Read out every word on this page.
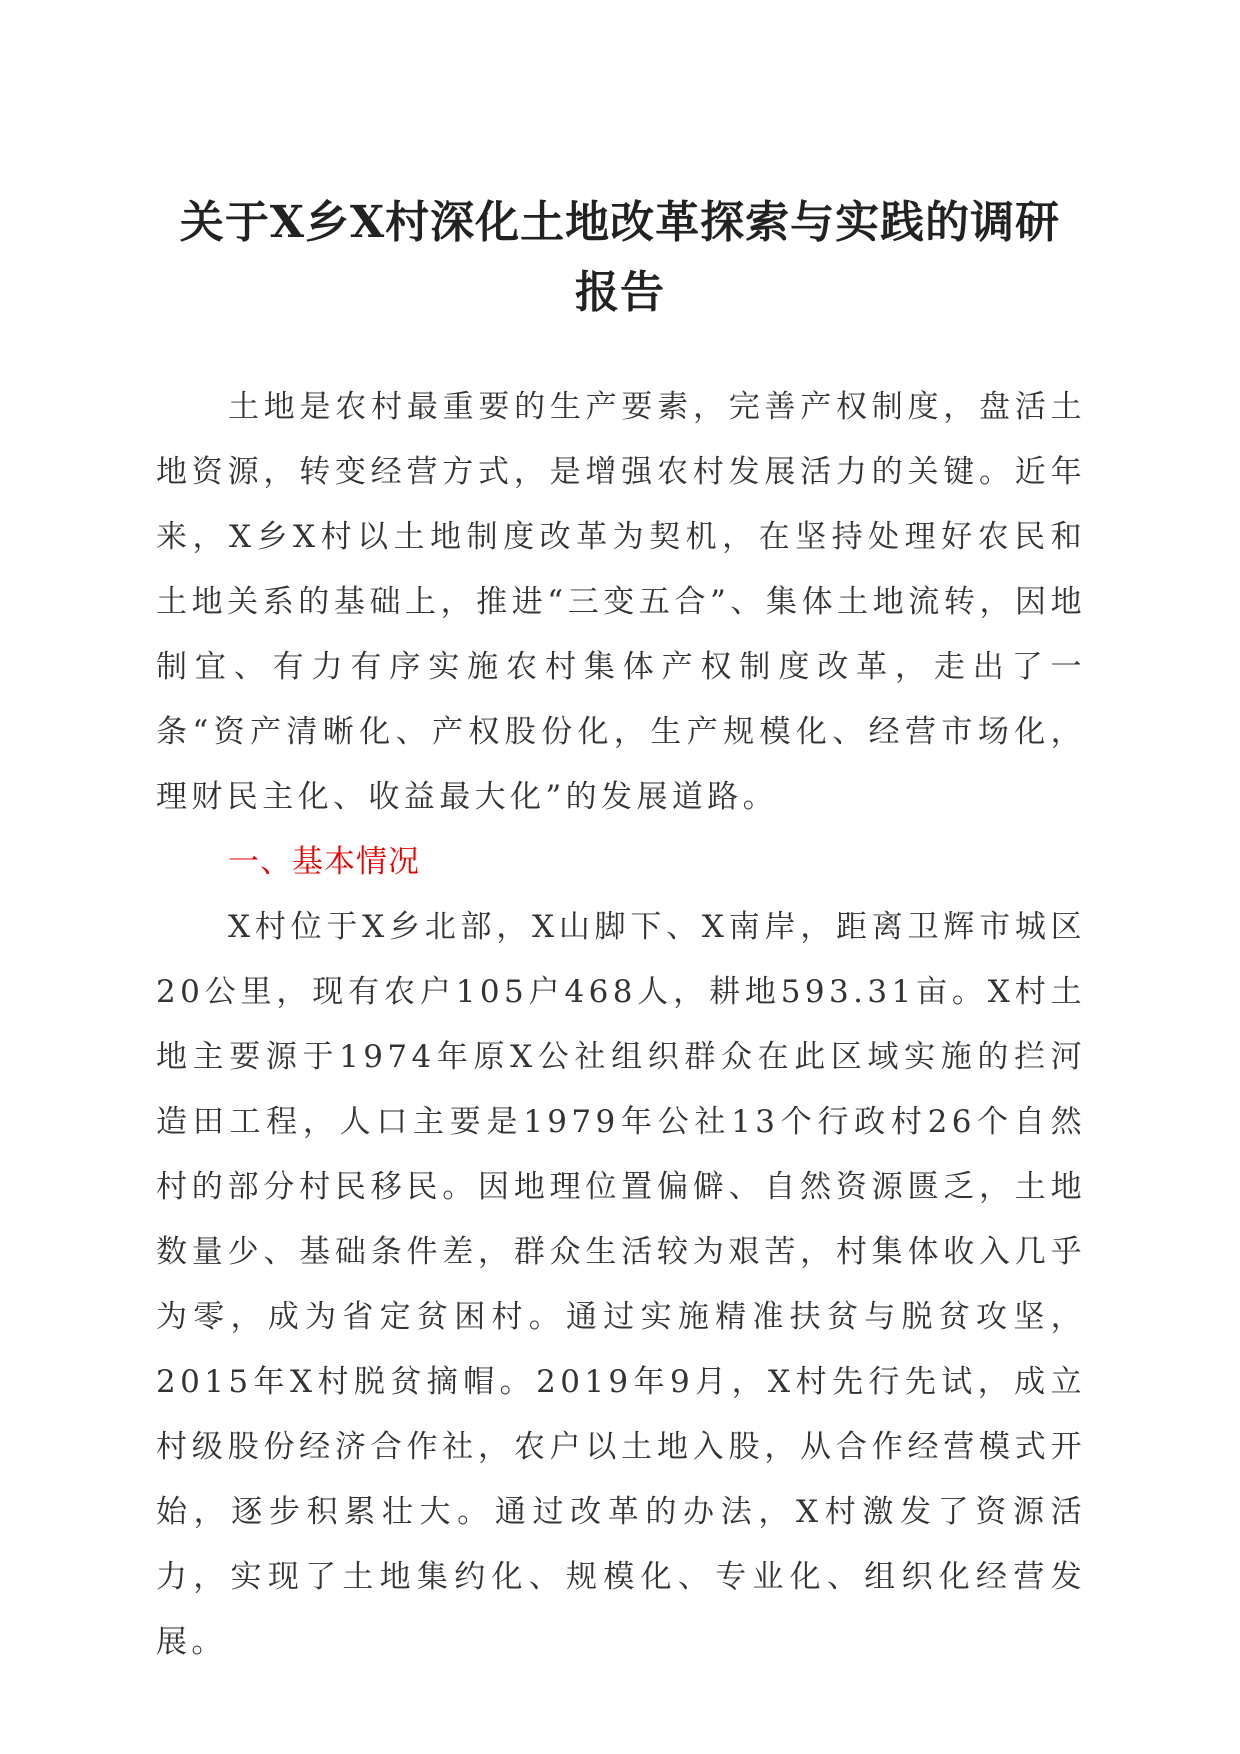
关于X乡X村深化土地改革探索与实践的调研
报告

土地是农村最重要的生产要素，完善产权制度，盘活土地资源，转变经营方式，是增强农村发展活力的关键。近年来，X乡X村以土地制度改革为契机，在坚持处理好农民和土地关系的基础上，推进“三变五合”、集体土地流转，因地制宜、有力有序实施农村集体产权制度改革，走出了一条“资产清晰化、产权股份化，生产规模化、经营市场化，理财民主化、收益最大化”的发展道路。

一、基本情况

X村位于X乡北部，X山脚下、X南岸，距离卫辉市城区20公里，现有农户105户468人，耕地593.31亩。X村土地主要源于1974年原X公社组织群众在此区域实施的拦河造田工程，人口主要是1979年公社13个行政村26个自然村的部分村民移民。因地理位置偏僻、自然资源匮乏，土地数量少、基础条件差，群众生活较为艰苦，村集体收入几乎为零，成为省定贫困村。通过实施精准扶贫与脱贫攻坚，2015年X村脱贫摘帽。2019年9月，X村先行先试，成立村级股份经济合作社，农户以土地入股，从合作经营模式开始，逐步积累壮大。通过改革的办法，X村激发了资源活力，实现了土地集约化、规模化、专业化、组织化经营发展。
